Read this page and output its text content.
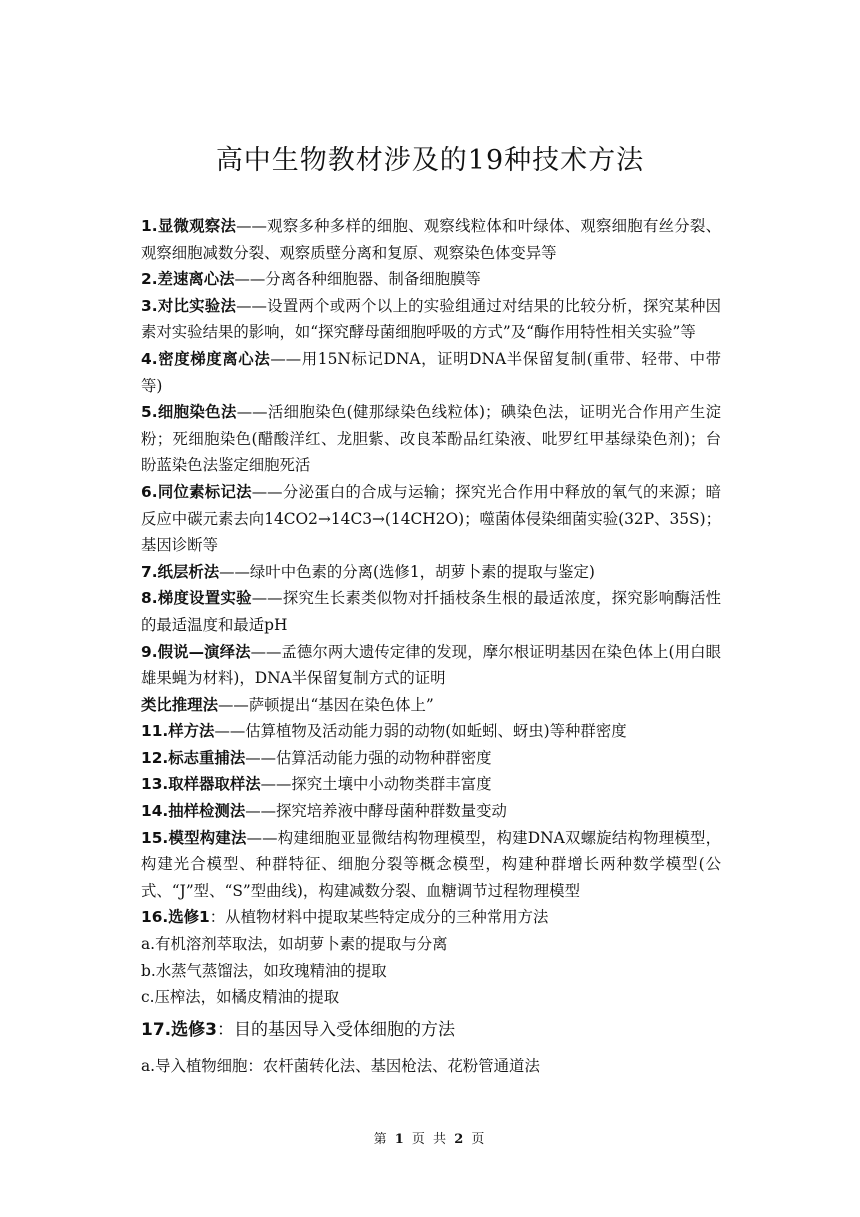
高中生物教材涉及的19种技术方法

1.显微观察法——观察多种多样的细胞、观察线粒体和叶绿体、观察细胞有丝分裂、观察细胞减数分裂、观察质壁分离和复原、观察染色体变异等

2.差速离心法——分离各种细胞器、制备细胞膜等

3.对比实验法——设置两个或两个以上的实验组通过对结果的比较分析，探究某种因素对实验结果的影响，如“探究酵母菌细胞呼吸的方式”及“酶作用特性相关实验”等

4.密度梯度离心法——用15N标记DNA，证明DNA半保留复制(重带、轻带、中带等)

5.细胞染色法——活细胞染色(健那绿染色线粒体)；碘染色法，证明光合作用产生淀粉；死细胞染色(醋酸洋红、龙胆紫、改良苯酚品红染液、吡罗红甲基绿染色剂)；台盼蓝染色法鉴定细胞死活

6.同位素标记法——分泌蛋白的合成与运输；探究光合作用中释放的氧气的来源；暗反应中碳元素去向14CO2→14C3→(14CH2O)；噬菌体侵染细菌实验(32P、35S)；基因诊断等

7.纸层析法——绿叶中色素的分离(选修1，胡萝卜素的提取与鉴定)

8.梯度设置实验——探究生长素类似物对扦插枝条生根的最适浓度，探究影响酶活性的最适温度和最适pH

9.假说—演绎法——孟德尔两大遗传定律的发现，摩尔根证明基因在染色体上(用白眼雄果蝇为材料)，DNA半保留复制方式的证明

类比推理法——萨顿提出“基因在染色体上”

11.样方法——估算植物及活动能力弱的动物(如蚯蚓、蚜虫)等种群密度

12.标志重捕法——估算活动能力强的动物种群密度

13.取样器取样法——探究土壤中小动物类群丰富度

14.抽样检测法——探究培养液中酵母菌种群数量变动

15.模型构建法——构建细胞亚显微结构物理模型，构建DNA双螺旋结构物理模型，构建光合模型、种群特征、细胞分裂等概念模型，构建种群增长两种数学模型(公式、“J”型、“S”型曲线)，构建减数分裂、血糖调节过程物理模型

16.选修1：从植物材料中提取某些特定成分的三种常用方法

a.有机溶剂萃取法，如胡萝卜素的提取与分离

b.水蒸气蒸馏法，如玫瑰精油的提取

c.压榨法，如橘皮精油的提取

17.选修3：目的基因导入受体细胞的方法

a.导入植物细胞：农杆菌转化法、基因枪法、花粉管通道法

第 1 页 共 2 页
